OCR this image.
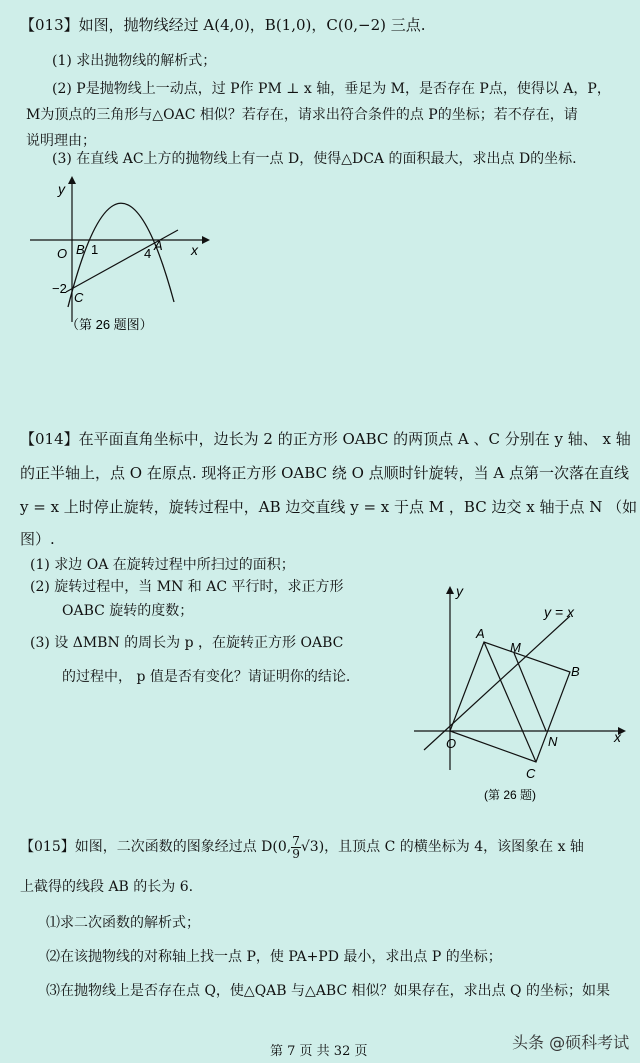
【013】如图，抛物线经过 A(4,0)，B(1,0)，C(0,−2) 三点.
(1) 求出抛物线的解析式；
(2) P是抛物线上一动点，过 P作 PM ⊥ x 轴，垂足为 M，是否存在 P点，使得以 A，P，
M为顶点的三角形与△OAC 相似？若存在，请求出符合条件的点 P的坐标；若不存在，请
说明理由；
(3) 在直线 AC上方的抛物线上有一点 D，使得△DCA 的面积最大，求出点 D的坐标.
y
x
O B 1	4
A
−2
C
（第 26 题图）
【014】在平面直角坐标中，边长为 2 的正方形 OABC 的两顶点 A 、C 分别在 y 轴、 x 轴
的正半轴上，点 O 在原点. 现将正方形 OABC 绕 O 点顺时针旋转，当 A 点第一次落在直线
y = x 上时停止旋转，旋转过程中，AB 边交直线 y = x 于点 M ，BC 边交 x 轴于点 N （如
图）.
(1) 求边 OA 在旋转过程中所扫过的面积；
(2) 旋转过程中，当 MN 和 AC 平行时，求正方形
OABC 旋转的度数；
(3) 设 ΔMBN 的周长为 p ，在旋转正方形 OABC
的过程中， p 值是否有变化？请证明你的结论.
y
y = x
A
M
B
O	N
C
x
(第 26 题)
【015】如图，二次函数的图象经过点 D(0, $\frac{7}{9} √3$)，且顶点 C 的横坐标为 4，该图象在 x 轴
上截得的线段 AB 的长为 6.
⑴求二次函数的解析式；
⑵在该抛物线的对称轴上找一点 P，使 PA+PD 最小，求出点 P 的坐标；
⑶在抛物线上是否存在点 Q，使△QAB 与△ABC 相似？如果存在，求出点 Q 的坐标；如果
第 7 页 共 32 页	头条 @硕科考试
